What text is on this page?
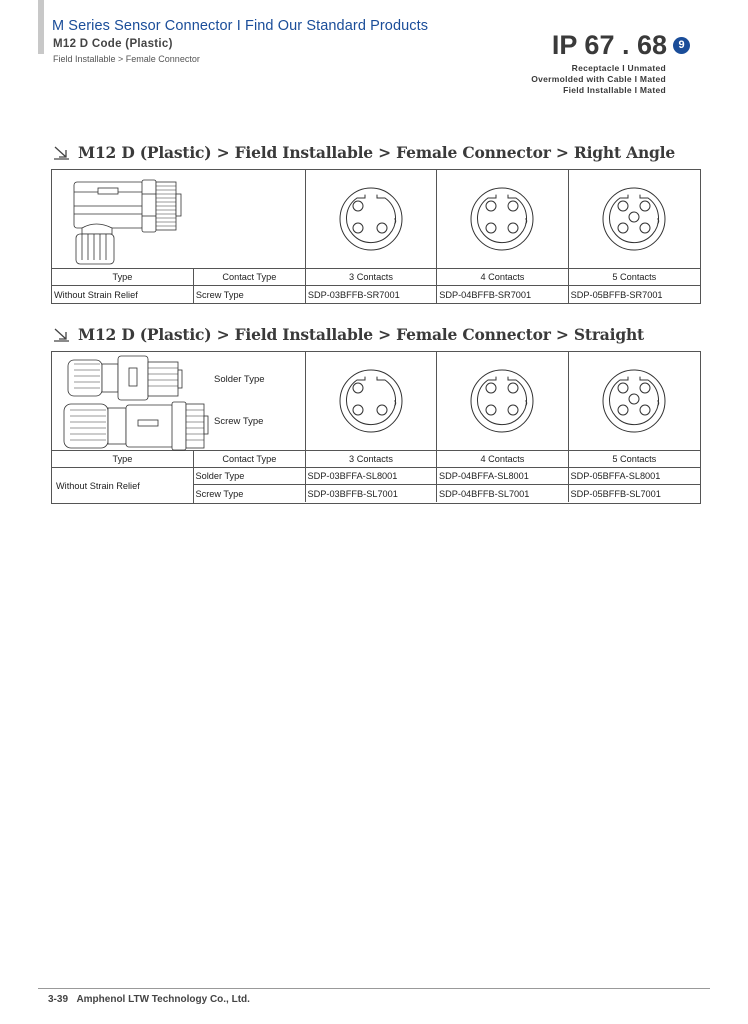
M Series Sensor Connector I Find Our Standard Products
M12 D Code (Plastic)
Field Installable > Female Connector	IP 67 . 68	9
Receptacle I Unmated
Overmolded with Cable I Mated
Field Installable I Mated
M12 D (Plastic) > Field Installable > Female Connector > Right Angle
Type	Contact Type	3 Contacts	4 Contacts	5 Contacts
Without Strain Relief	Screw Type	SDP-03BFFB-SR7001	SDP-04BFFB-SR7001	SDP-05BFFB-SR7001
M12 D (Plastic) > Field Installable > Female Connector > Straight
Solder Type
Screw Type
Type	Contact Type	3 Contacts	4 Contacts	5 Contacts
Without Strain Relief
Solder Type	SDP-03BFFA-SL8001	SDP-04BFFA-SL8001	SDP-05BFFA-SL8001
Screw Type	SDP-03BFFB-SL7001	SDP-04BFFB-SL7001	SDP-05BFFB-SL7001
3-39 Amphenol LTW Technology Co., Ltd.
